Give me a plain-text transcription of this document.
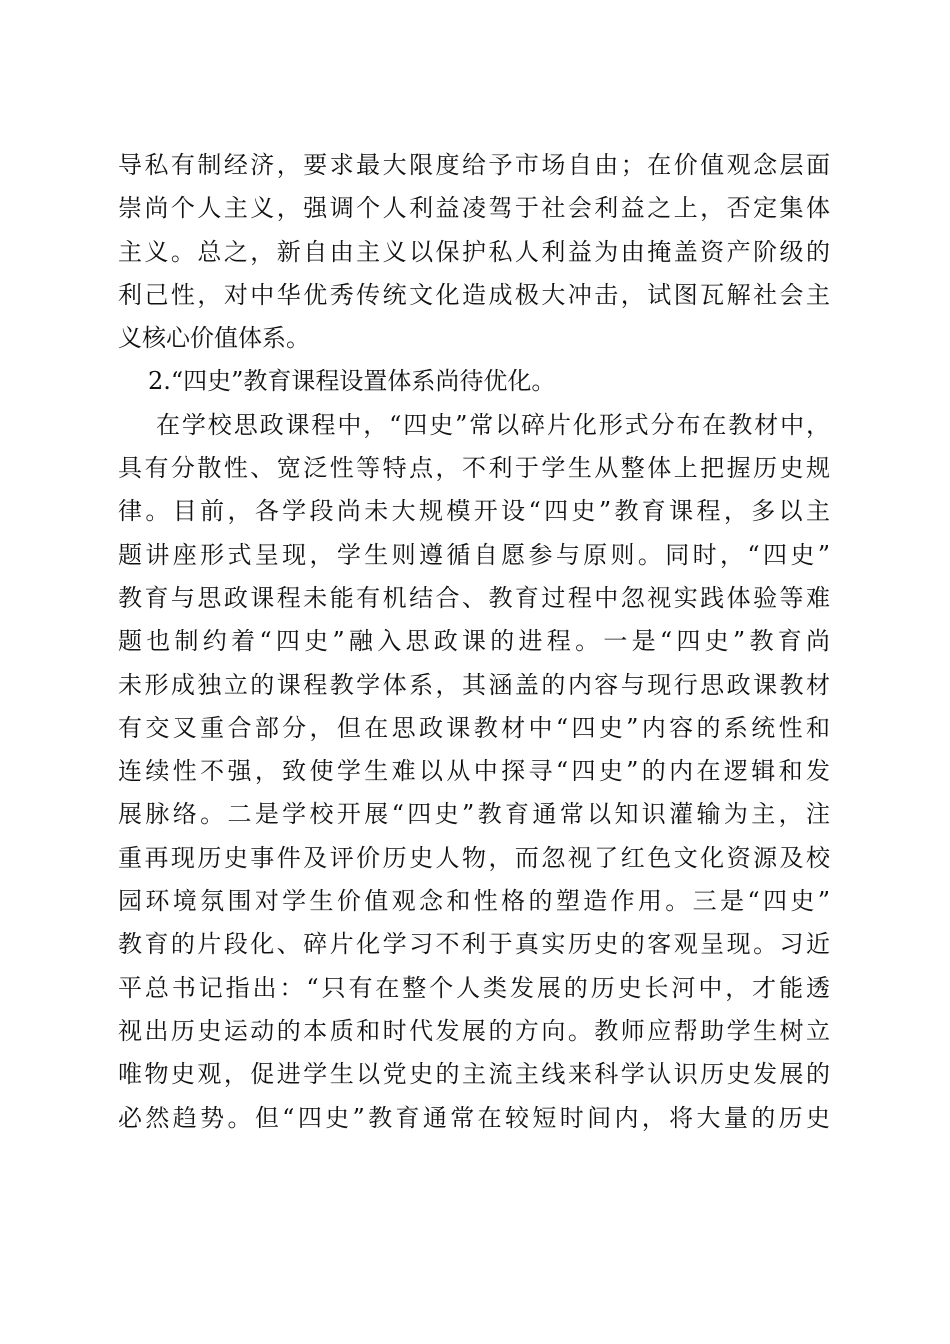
导私有制经济，要求最大限度给予市场自由；在价值观念层面
崇尚个人主义，强调个人利益凌驾于社会利益之上，否定集体
主义。总之，新自由主义以保护私人利益为由掩盖资产阶级的
利己性，对中华优秀传统文化造成极大冲击，试图瓦解社会主
义核心价值体系。
2.“四史”教育课程设置体系尚待优化。
在学校思政课程中，“四史”常以碎片化形式分布在教材中，
具有分散性、宽泛性等特点，不利于学生从整体上把握历史规
律。目前，各学段尚未大规模开设“四史”教育课程，多以主
题讲座形式呈现，学生则遵循自愿参与原则。同时，“四史”
教育与思政课程未能有机结合、教育过程中忽视实践体验等难
题也制约着“四史”融入思政课的进程。一是“四史”教育尚
未形成独立的课程教学体系，其涵盖的内容与现行思政课教材
有交叉重合部分，但在思政课教材中“四史”内容的系统性和
连续性不强，致使学生难以从中探寻“四史”的内在逻辑和发
展脉络。二是学校开展“四史”教育通常以知识灌输为主，注
重再现历史事件及评价历史人物，而忽视了红色文化资源及校
园环境氛围对学生价值观念和性格的塑造作用。三是“四史”
教育的片段化、碎片化学习不利于真实历史的客观呈现。习近
平总书记指出：“只有在整个人类发展的历史长河中，才能透
视出历史运动的本质和时代发展的方向。教师应帮助学生树立
唯物史观，促进学生以党史的主流主线来科学认识历史发展的
必然趋势。但“四史”教育通常在较短时间内，将大量的历史
